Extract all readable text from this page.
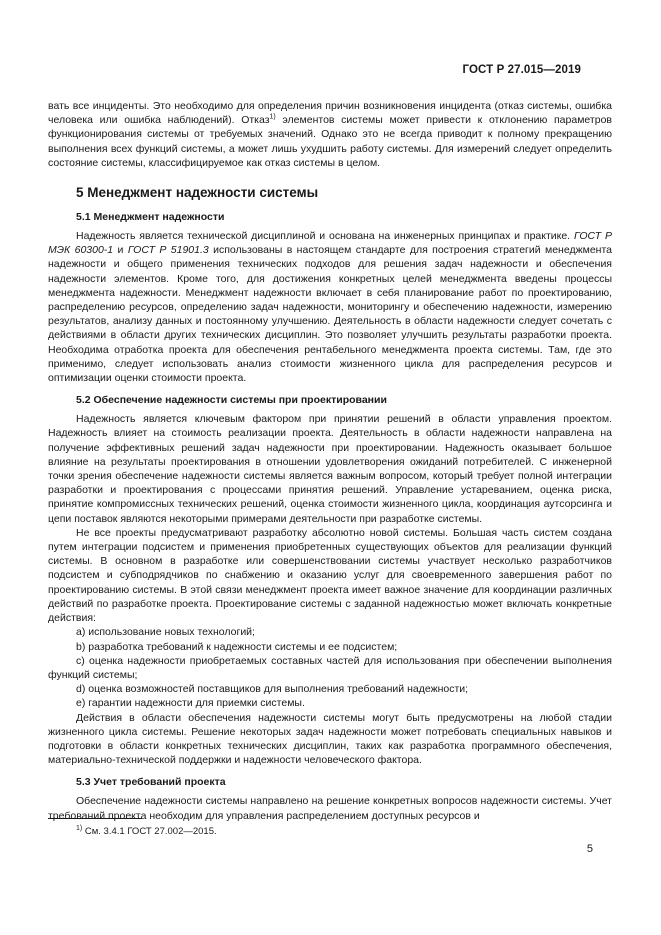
ГОСТ Р 27.015—2019

вать все инциденты. Это необходимо для определения причин возникновения инцидента (отказ системы, ошибка человека или ошибка наблюдений). Отказ$^{1)}$ элементов системы может привести к отклонению параметров функционирования системы от требуемых значений. Однако это не всегда приводит к полному прекращению выполнения всех функций системы, а может лишь ухудшить работу системы. Для измерений следует определить состояние системы, классифицируемое как отказ системы в целом.

5 Менеджмент надежности системы
5.1 Менеджмент надежности

Надежность является технической дисциплиной и основана на инженерных принципах и практике. ГОСТ Р МЭК 60300-1 и ГОСТ Р 51901.3 использованы в настоящем стандарте для построения стратегий менеджмента надежности и общего применения технических подходов для решения задач надежности и обеспечения надежности элементов. Кроме того, для достижения конкретных целей менеджмента введены процессы менеджмента надежности. Менеджмент надежности включает в себя планирование работ по проектированию, распределению ресурсов, определению задач надежности, мониторингу и обеспечению надежности, измерению результатов, анализу данных и постоянному улучшению. Деятельность в области надежности следует сочетать с действиями в области других технических дисциплин. Это позволяет улучшить результаты разработки проекта. Необходима отработка проекта для обеспечения рентабельного менеджмента проекта системы. Там, где это применимо, следует использовать анализ стоимости жизненного цикла для распределения ресурсов и оптимизации оценки стоимости проекта.

5.2 Обеспечение надежности системы при проектировании

Надежность является ключевым фактором при принятии решений в области управления проектом. Надежность влияет на стоимость реализации проекта. Деятельность в области надежности направлена на получение эффективных решений задач надежности при проектировании. Надежность оказывает большое влияние на результаты проектирования в отношении удовлетворения ожиданий потребителей. С инженерной точки зрения обеспечение надежности системы является важным вопросом, который требует полной интеграции разработки и проектирования с процессами принятия решений. Управление устареванием, оценка риска, принятие компромиссных технических решений, оценка стоимости жизненного цикла, координация аутсорсинга и цепи поставок являются некоторыми примерами деятельности при разработке системы.

Не все проекты предусматривают разработку абсолютно новой системы. Большая часть систем создана путем интеграции подсистем и применения приобретенных существующих объектов для реализации функций системы. В основном в разработке или совершенствовании системы участвует несколько разработчиков подсистем и субподрядчиков по снабжению и оказанию услуг для своевременного завершения работ по проектированию системы. В этой связи менеджмент проекта имеет важное значение для координации различных действий по разработке проекта. Проектирование системы с заданной надежностью может включать конкретные действия:

a) использование новых технологий;

b) разработка требований к надежности системы и ее подсистем;

c) оценка надежности приобретаемых составных частей для использования при обеспечении выполнения функций системы;

d) оценка возможностей поставщиков для выполнения требований надежности;

e) гарантии надежности для приемки системы.

Действия в области обеспечения надежности системы могут быть предусмотрены на любой стадии жизненного цикла системы. Решение некоторых задач надежности может потребовать специальных навыков и подготовки в области конкретных технических дисциплин, таких как разработка программного обеспечения, материально-технической поддержки и надежности человеческого фактора.

5.3 Учет требований проекта

Обеспечение надежности системы направлено на решение конкретных вопросов надежности системы. Учет требований проекта необходим для управления распределением доступных ресурсов и

$^{1)}$ См. 3.4.1 ГОСТ 27.002—2015.
5
